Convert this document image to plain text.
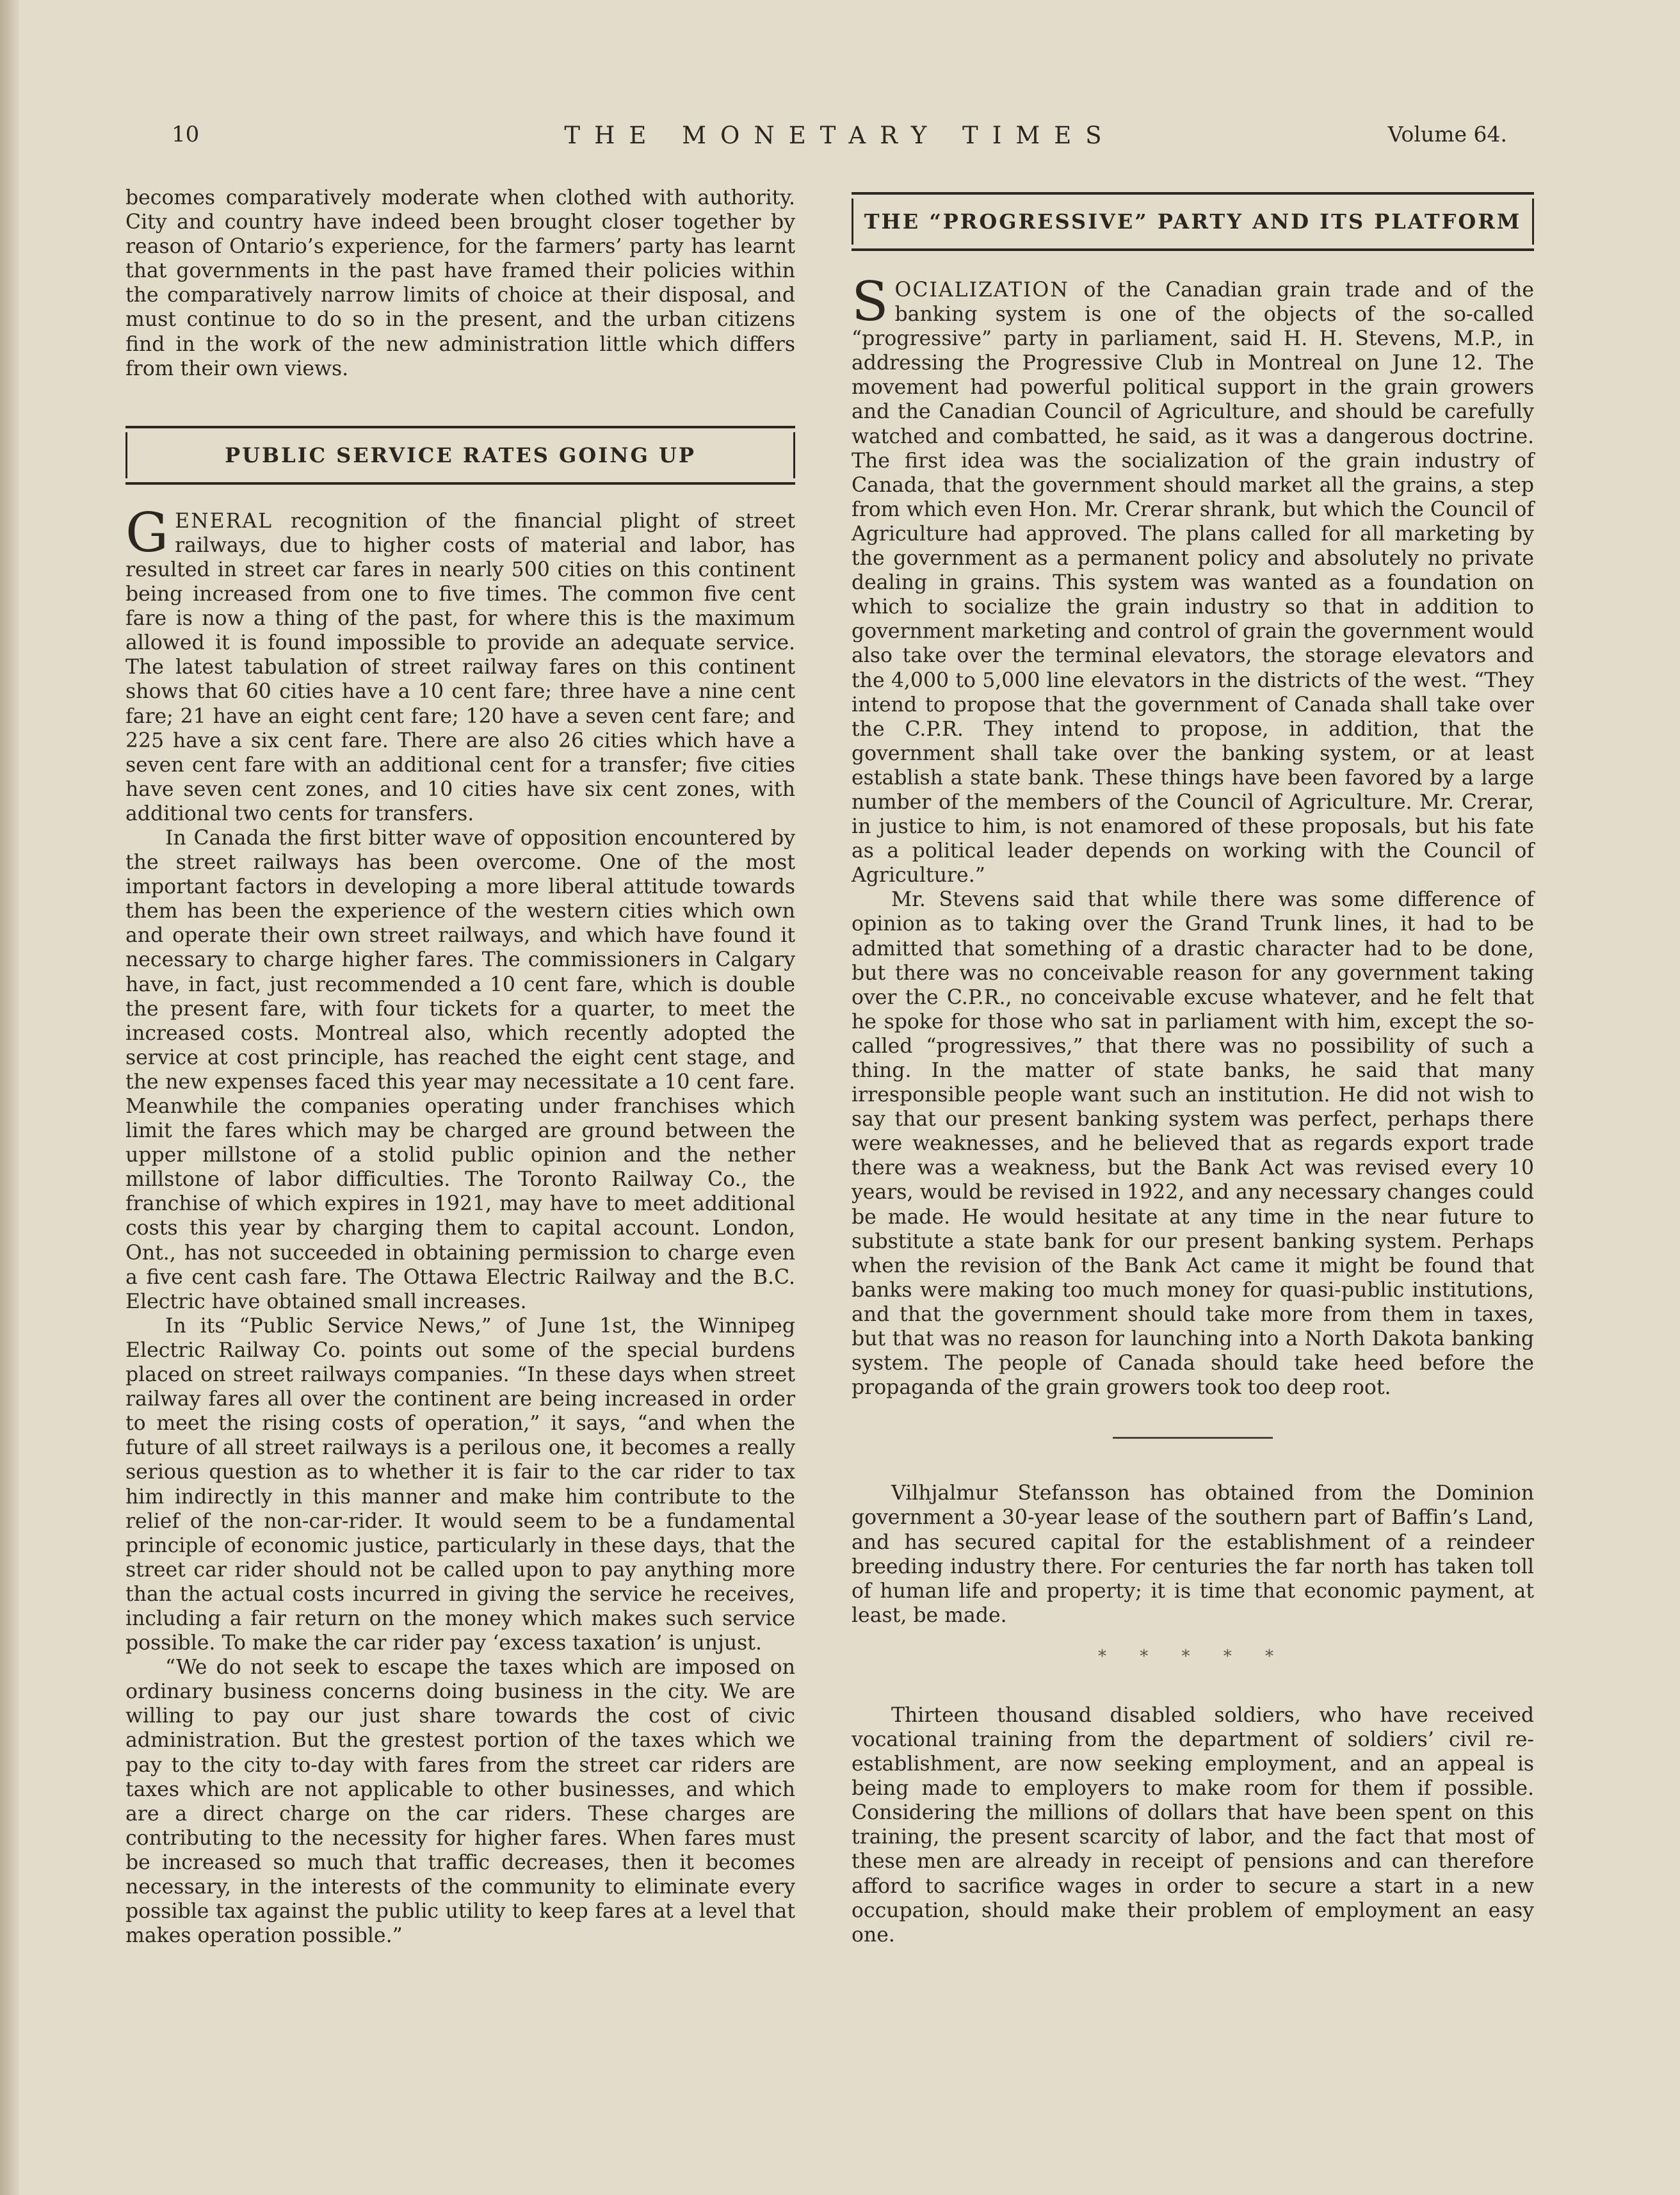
10	THE MONETARY TIMES	Volume 64.

becomes comparatively moderate when clothed with authority. City and country have indeed been brought closer together by reason of Ontario’s experience, for the farmers’ party has learnt that governments in the past have framed their policies within the comparatively narrow limits of choice at their disposal, and must continue to do so in the present, and the urban citizens find in the work of the new administration little which differs from their own views.

PUBLIC SERVICE RATES GOING UP

GENERAL recognition of the financial plight of street railways, due to higher costs of material and labor, has resulted in street car fares in nearly 500 cities on this continent being increased from one to five times. The common five cent fare is now a thing of the past, for where this is the maximum allowed it is found impossible to provide an adequate service. The latest tabulation of street railway fares on this continent shows that 60 cities have a 10 cent fare; three have a nine cent fare; 21 have an eight cent fare; 120 have a seven cent fare; and 225 have a six cent fare. There are also 26 cities which have a seven cent fare with an additional cent for a transfer; five cities have seven cent zones, and 10 cities have six cent zones, with additional two cents for transfers.

In Canada the first bitter wave of opposition encountered by the street railways has been overcome. One of the most important factors in developing a more liberal attitude towards them has been the experience of the western cities which own and operate their own street railways, and which have found it necessary to charge higher fares. The commissioners in Calgary have, in fact, just recommended a 10 cent fare, which is double the present fare, with four tickets for a quarter, to meet the increased costs. Montreal also, which recently adopted the service at cost principle, has reached the eight cent stage, and the new expenses faced this year may necessitate a 10 cent fare. Meanwhile the companies operating under franchises which limit the fares which may be charged are ground between the upper millstone of a stolid public opinion and the nether millstone of labor difficulties. The Toronto Railway Co., the franchise of which expires in 1921, may have to meet additional costs this year by charging them to capital account. London, Ont., has not succeeded in obtaining permission to charge even a five cent cash fare. The Ottawa Electric Railway and the B.C. Electric have obtained small increases.

In its “Public Service News,” of June 1st, the Winnipeg Electric Railway Co. points out some of the special burdens placed on street railways companies. “In these days when street railway fares all over the continent are being increased in order to meet the rising costs of operation,” it says, “and when the future of all street railways is a perilous one, it becomes a really serious question as to whether it is fair to the car rider to tax him indirectly in this manner and make him contribute to the relief of the non-car-rider. It would seem to be a fundamental principle of economic justice, particularly in these days, that the street car rider should not be called upon to pay anything more than the actual costs incurred in giving the service he receives, including a fair return on the money which makes such service possible. To make the car rider pay ‘excess taxation’ is unjust.

“We do not seek to escape the taxes which are imposed on ordinary business concerns doing business in the city. We are willing to pay our just share towards the cost of civic administration. But the grestest portion of the taxes which we pay to the city to-day with fares from the street car riders are taxes which are not applicable to other businesses, and which are a direct charge on the car riders. These charges are contributing to the necessity for higher fares. When fares must be increased so much that traffic decreases, then it becomes necessary, in the interests of the community to eliminate every possible tax against the public utility to keep fares at a level that makes operation possible.”

THE “PROGRESSIVE” PARTY AND ITS PLATFORM

SOCIALIZATION of the Canadian grain trade and of the banking system is one of the objects of the so-called “progressive” party in parliament, said H. H. Stevens, M.P., in addressing the Progressive Club in Montreal on June 12. The movement had powerful political support in the grain growers and the Canadian Council of Agriculture, and should be carefully watched and combatted, he said, as it was a dangerous doctrine. The first idea was the socialization of the grain industry of Canada, that the government should market all the grains, a step from which even Hon. Mr. Crerar shrank, but which the Council of Agriculture had approved. The plans called for all marketing by the government as a permanent policy and absolutely no private dealing in grains. This system was wanted as a foundation on which to socialize the grain industry so that in addition to government marketing and control of grain the government would also take over the terminal elevators, the storage elevators and the 4,000 to 5,000 line elevators in the districts of the west. “They intend to propose that the government of Canada shall take over the C.P.R. They intend to propose, in addition, that the government shall take over the banking system, or at least establish a state bank. These things have been favored by a large number of the members of the Council of Agriculture. Mr. Crerar, in justice to him, is not enamored of these proposals, but his fate as a political leader depends on working with the Council of Agriculture.”

Mr. Stevens said that while there was some difference of opinion as to taking over the Grand Trunk lines, it had to be admitted that something of a drastic character had to be done, but there was no conceivable reason for any government taking over the C.P.R., no conceivable excuse whatever, and he felt that he spoke for those who sat in parliament with him, except the so-called “progressives,” that there was no possibility of such a thing. In the matter of state banks, he said that many irresponsible people want such an institution. He did not wish to say that our present banking system was perfect, perhaps there were weaknesses, and he believed that as regards export trade there was a weakness, but the Bank Act was revised every 10 years, would be revised in 1922, and any necessary changes could be made. He would hesitate at any time in the near future to substitute a state bank for our present banking system. Perhaps when the revision of the Bank Act came it might be found that banks were making too much money for quasi-public institutions, and that the government should take more from them in taxes, but that was no reason for launching into a North Dakota banking system. The people of Canada should take heed before the propaganda of the grain growers took too deep root.

Vilhjalmur Stefansson has obtained from the Dominion government a 30-year lease of the southern part of Baffin’s Land, and has secured capital for the establishment of a reindeer breeding industry there. For centuries the far north has taken toll of human life and property; it is time that economic payment, at least, be made.

* * * * *

Thirteen thousand disabled soldiers, who have received vocational training from the department of soldiers’ civil re-establishment, are now seeking employment, and an appeal is being made to employers to make room for them if possible. Considering the millions of dollars that have been spent on this training, the present scarcity of labor, and the fact that most of these men are already in receipt of pensions and can therefore afford to sacrifice wages in order to secure a start in a new occupation, should make their problem of employment an easy one.
